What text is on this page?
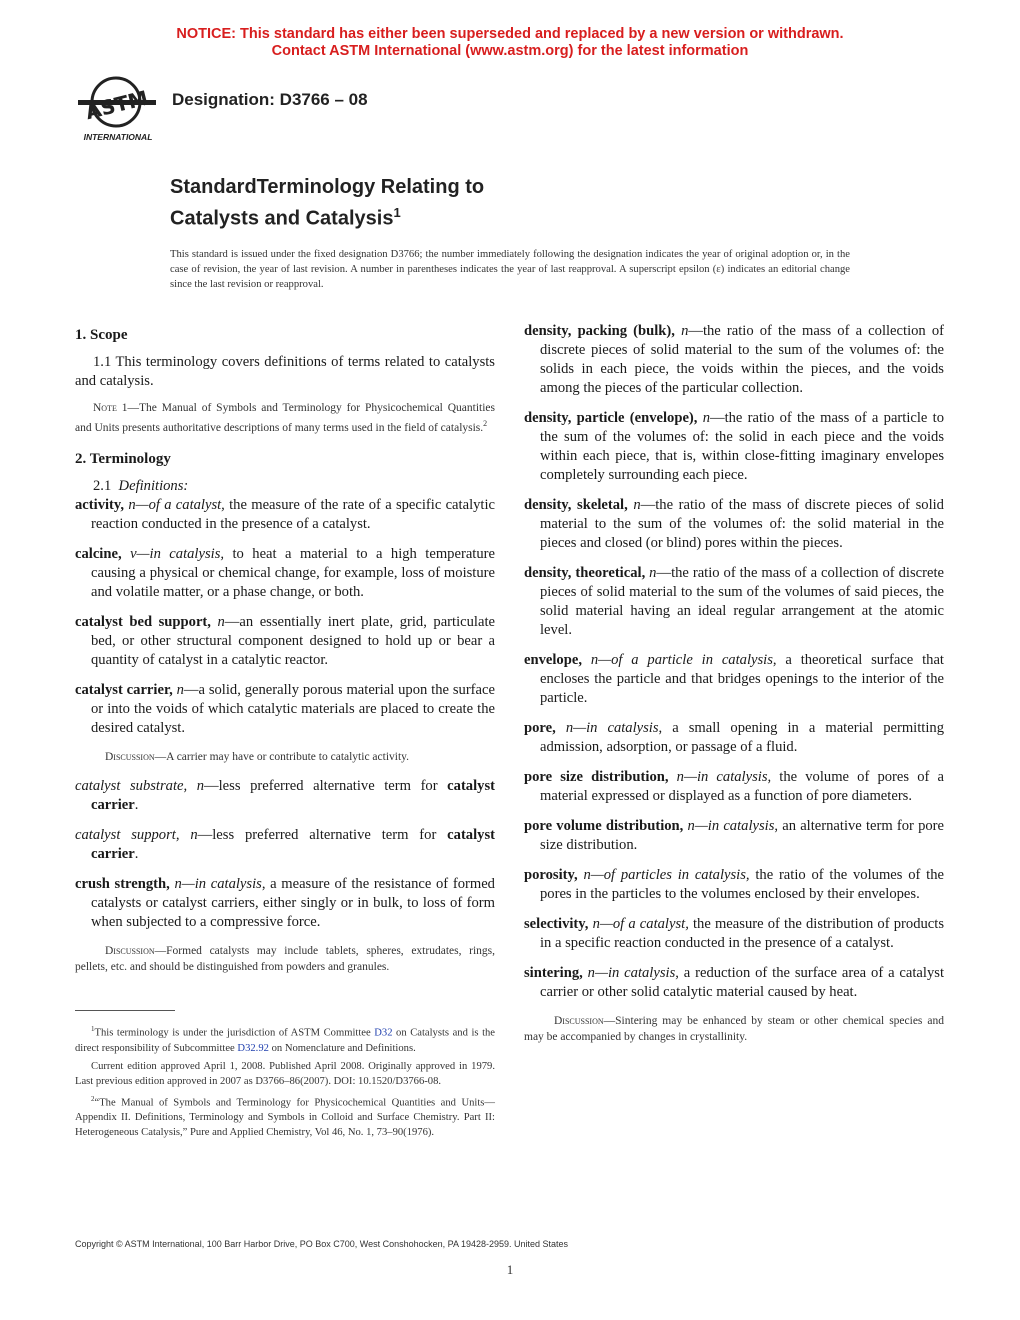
NOTICE: This standard has either been superseded and replaced by a new version or withdrawn.
Contact ASTM International (www.astm.org) for the latest information
ASTM
INTERNATIONAL
Designation: D3766 – 08
StandardTerminology Relating to
Catalysts and Catalysis$^1$
This standard is issued under the fixed designation D3766; the number immediately following the designation indicates the year of original adoption or, in the case of revision, the year of last revision. A number in parentheses indicates the year of last reapproval. A superscript epsilon (ε) indicates an editorial change since the last revision or reapproval.
1. Scope
1.1 This terminology covers definitions of terms related to catalysts and catalysis.
Note 1—The Manual of Symbols and Terminology for Physicochemical Quantities and Units presents authoritative descriptions of many terms used in the field of catalysis.$^2$
2. Terminology
2.1 Definitions:
activity, n—of a catalyst, the measure of the rate of a specific catalytic reaction conducted in the presence of a catalyst.
calcine, v—in catalysis, to heat a material to a high temperature causing a physical or chemical change, for example, loss of moisture and volatile matter, or a phase change, or both.
catalyst bed support, n—an essentially inert plate, grid, particulate bed, or other structural component designed to hold up or bear a quantity of catalyst in a catalytic reactor.
catalyst carrier, n—a solid, generally porous material upon the surface or into the voids of which catalytic materials are placed to create the desired catalyst.
Discussion—A carrier may have or contribute to catalytic activity.
catalyst substrate, n—less preferred alternative term for catalyst carrier.
catalyst support, n—less preferred alternative term for catalyst carrier.
crush strength, n—in catalysis, a measure of the resistance of formed catalysts or catalyst carriers, either singly or in bulk, to loss of form when subjected to a compressive force.
Discussion—Formed catalysts may include tablets, spheres, extrudates, rings, pellets, etc. and should be distinguished from powders and granules.
density, packing (bulk), n—the ratio of the mass of a collection of discrete pieces of solid material to the sum of the volumes of: the solids in each piece, the voids within the pieces, and the voids among the pieces of the particular collection.
density, particle (envelope), n—the ratio of the mass of a particle to the sum of the volumes of: the solid in each piece and the voids within each piece, that is, within close-fitting imaginary envelopes completely surrounding each piece.
density, skeletal, n—the ratio of the mass of discrete pieces of solid material to the sum of the volumes of: the solid material in the pieces and closed (or blind) pores within the pieces.
density, theoretical, n—the ratio of the mass of a collection of discrete pieces of solid material to the sum of the volumes of said pieces, the solid material having an ideal regular arrangement at the atomic level.
envelope, n—of a particle in catalysis, a theoretical surface that encloses the particle and that bridges openings to the interior of the particle.
pore, n—in catalysis, a small opening in a material permitting admission, adsorption, or passage of a fluid.
pore size distribution, n—in catalysis, the volume of pores of a material expressed or displayed as a function of pore diameters.
pore volume distribution, n—in catalysis, an alternative term for pore size distribution.
porosity, n—of particles in catalysis, the ratio of the volumes of the pores in the particles to the volumes enclosed by their envelopes.
selectivity, n—of a catalyst, the measure of the distribution of products in a specific reaction conducted in the presence of a catalyst.
sintering, n—in catalysis, a reduction of the surface area of a catalyst carrier or other solid catalytic material caused by heat.
Discussion—Sintering may be enhanced by steam or other chemical species and may be accompanied by changes in crystallinity.
$^1$This terminology is under the jurisdiction of ASTM Committee D32 on Catalysts and is the direct responsibility of Subcommittee D32.92 on Nomenclature and Definitions.
Current edition approved April 1, 2008. Published April 2008. Originally approved in 1979. Last previous edition approved in 2007 as D3766–86(2007). DOI: 10.1520/D3766-08.
$^2$“The Manual of Symbols and Terminology for Physicochemical Quantities and Units—Appendix II. Definitions, Terminology and Symbols in Colloid and Surface Chemistry. Part II: Heterogeneous Catalysis,” Pure and Applied Chemistry, Vol 46, No. 1, 73–90(1976).
Copyright © ASTM International, 100 Barr Harbor Drive, PO Box C700, West Conshohocken, PA 19428-2959. United States
1
